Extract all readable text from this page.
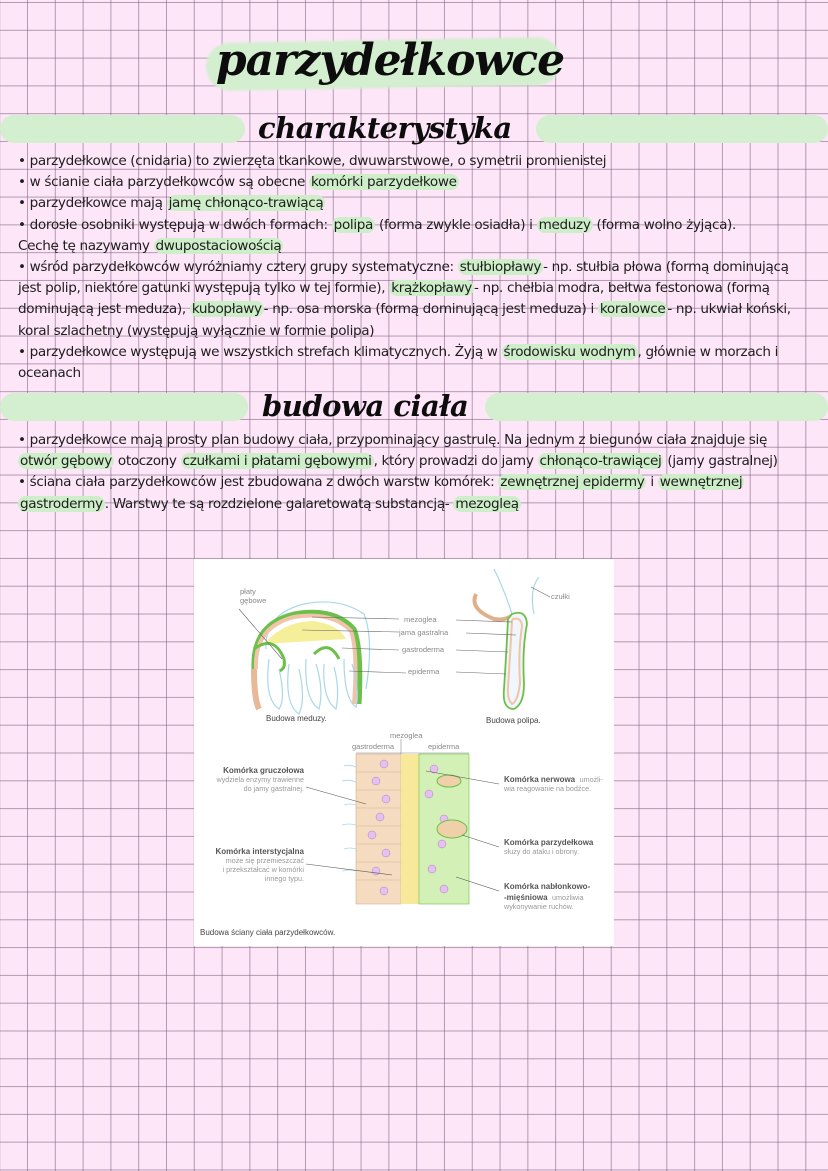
parzydełkowce
charakterystyka
• parzydełkowce (cnidaria) to zwierzęta tkankowe, dwuwarstwowe, o symetrii promienistej
• w ścianie ciała parzydełkowców są obecne komórki parzydełkowe
• parzydełkowce mają jamę chłonąco-trawiącą
• dorosłe osobniki występują w dwóch formach: polipa (forma zwykle osiadła) i meduzy (forma wolno żyjąca).
Cechę tę nazywamy dwupostaciowością
• wśród parzydełkowców wyróżniamy cztery grupy systematyczne: stułbiopławy - np. stułbia płowa (formą dominującą
jest polip, niektóre gatunki występują tylko w tej formie), krążkopławy - np. chełbia modra, bełtwa festonowa (formą
dominującą jest meduza), kubopławy - np. osa morska (formą dominującą jest meduza) i koralowce - np. ukwiał koński,
koral szlachetny (występują wyłącznie w formie polipa)
• parzydełkowce występują we wszystkich strefach klimatycznych. Żyją w środowisku wodnym , głównie w morzach i
oceanach
budowa ciała
• parzydełkowce mają prosty plan budowy ciała, przypominający gastrulę. Na jednym z biegunów ciała znajduje się
otwór gębowy otoczony czułkami i płatami gębowymi , który prowadzi do jamy chłonąco-trawiącej (jamy gastralnej)
• ściana ciała parzydełkowców jest zbudowana z dwóch warstw komórek: zewnętrznej epidermy i wewnętrznej
gastrodermy . Warstwy te są rozdzielone galaretowatą substancją- mezogleą
płaty
gębowe	czułki
mezoglea
jama gastralna
gastroderma
epiderma
Budowa meduzy.	Budowa polipa.
mezoglea
gastroderma	epiderma
Komórka gruczołowa
wydziela enzymy trawienne
do jamy gastralnej.
Komórka interstycjalna
może się przemieszczać
i przekształcać w komórki
innego typu.
Komórka nerwowa umożli-
wia reagowanie na bodźce.
Komórka parzydełkowa
służy do ataku i obrony.
Komórka nabłonkowo-
-mięśniowa umożliwia
wykonywanie ruchów.
Budowa ściany ciała parzydełkowców.
